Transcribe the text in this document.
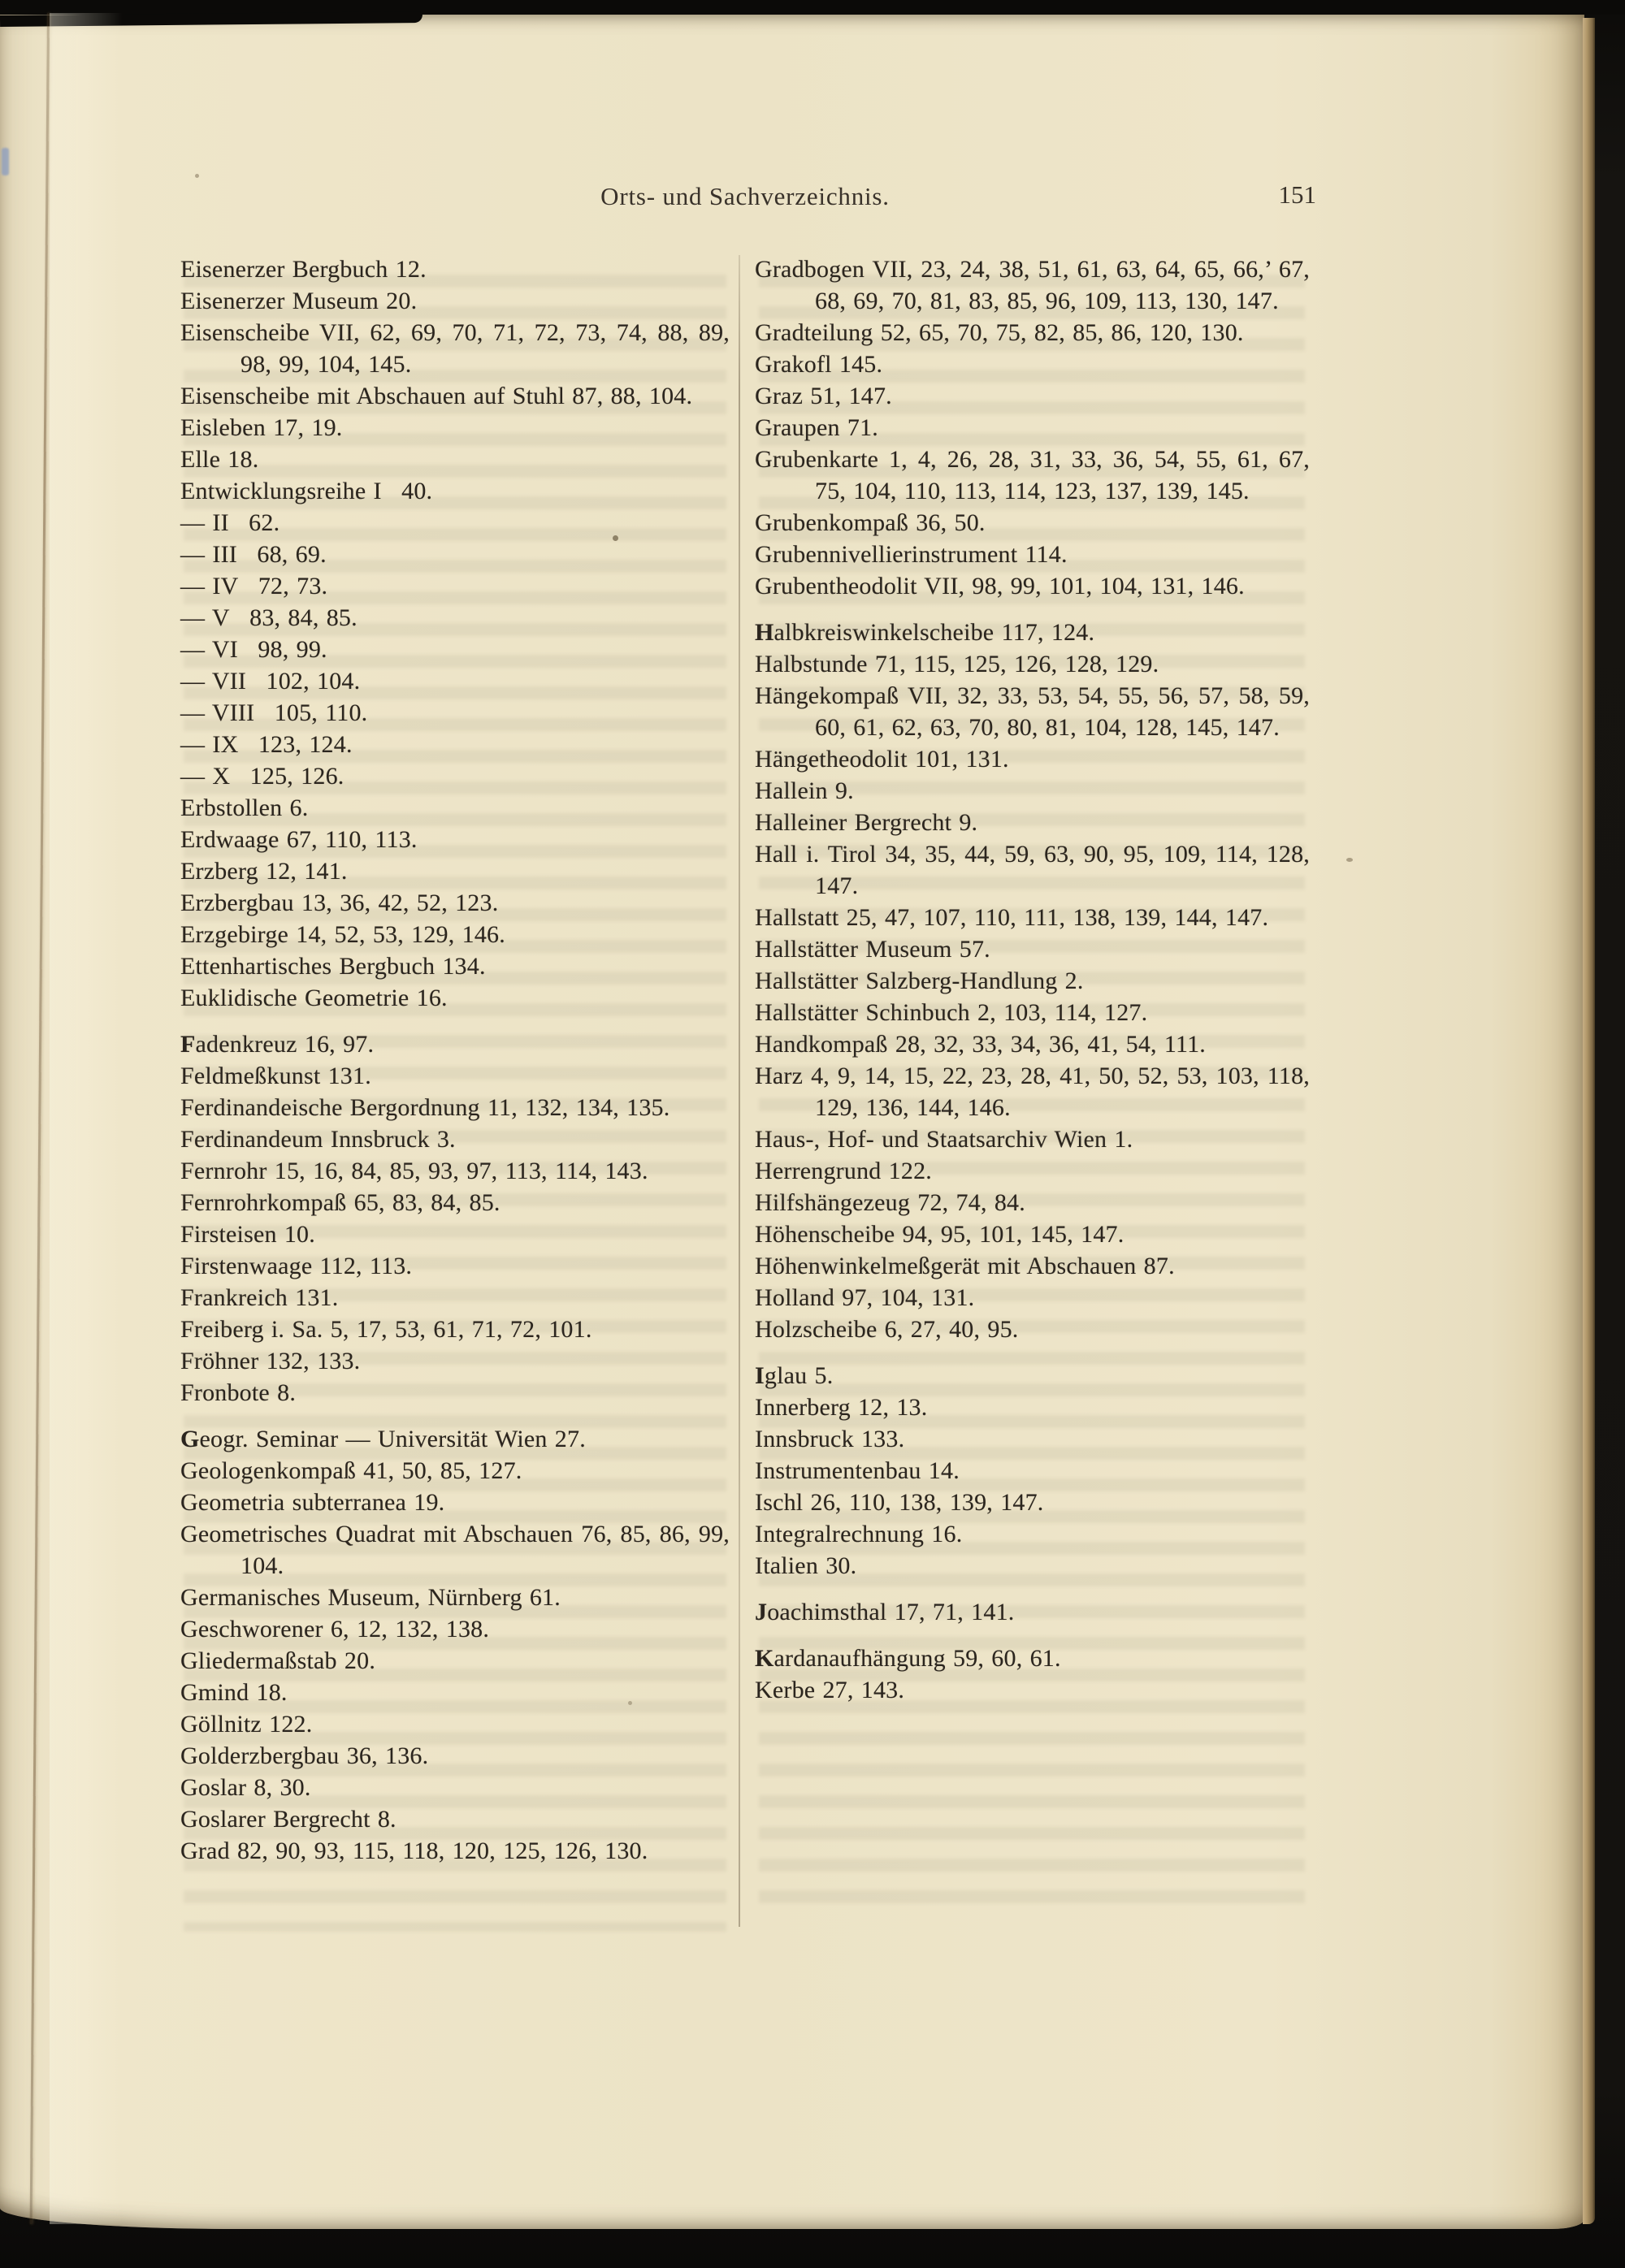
Orts- und Sachverzeichnis.	151
Eisenerzer Bergbuch 12.
Eisenerzer Museum 20.
Eisenscheibe VII, 62, 69, 70, 71, 72, 73, 74, 88, 89, 98, 99, 104, 145.
Eisenscheibe mit Abschauen auf Stuhl 87, 88, 104.
Eisleben 17, 19.
Elle 18.
Entwicklungsreihe I  40.
— II  62.
— III  68, 69.
— IV  72, 73.
— V  83, 84, 85.
— VI  98, 99.
— VII  102, 104.
— VIII  105, 110.
— IX  123, 124.
— X  125, 126.
Erbstollen 6.
Erdwaage 67, 110, 113.
Erzberg 12, 141.
Erzbergbau 13, 36, 42, 52, 123.
Erzgebirge 14, 52, 53, 129, 146.
Ettenhartisches Bergbuch 134.
Euklidische Geometrie 16.
Fadenkreuz 16, 97.
Feldmeßkunst 131.
Ferdinandeische Bergordnung 11, 132, 134, 135.
Ferdinandeum Innsbruck 3.
Fernrohr 15, 16, 84, 85, 93, 97, 113, 114, 143.
Fernrohrkompaß 65, 83, 84, 85.
Firsteisen 10.
Firstenwaage 112, 113.
Frankreich 131.
Freiberg i. Sa. 5, 17, 53, 61, 71, 72, 101.
Fröhner 132, 133.
Fronbote 8.
Geogr. Seminar — Universität Wien 27.
Geologenkompaß 41, 50, 85, 127.
Geometria subterranea 19.
Geometrisches Quadrat mit Abschauen 76, 85, 86, 99, 104.
Germanisches Museum, Nürnberg 61.
Geschworener 6, 12, 132, 138.
Gliedermaßstab 20.
Gmind 18.
Göllnitz 122.
Golderzbergbau 36, 136.
Goslar 8, 30.
Goslarer Bergrecht 8.
Grad 82, 90, 93, 115, 118, 120, 125, 126, 130.
Gradbogen VII, 23, 24, 38, 51, 61, 63, 64, 65, 66,’ 67, 68, 69, 70, 81, 83, 85, 96, 109, 113, 130, 147.
Gradteilung 52, 65, 70, 75, 82, 85, 86, 120, 130.
Grakofl 145.
Graz 51, 147.
Graupen 71.
Grubenkarte 1, 4, 26, 28, 31, 33, 36, 54, 55, 61, 67, 75, 104, 110, 113, 114, 123, 137, 139, 145.
Grubenkompaß 36, 50.
Grubennivellierinstrument 114.
Grubentheodolit VII, 98, 99, 101, 104, 131, 146.
Halbkreiswinkelscheibe 117, 124.
Halbstunde 71, 115, 125, 126, 128, 129.
Hängekompaß VII, 32, 33, 53, 54, 55, 56, 57, 58, 59, 60, 61, 62, 63, 70, 80, 81, 104, 128, 145, 147.
Hängetheodolit 101, 131.
Hallein 9.
Halleiner Bergrecht 9.
Hall i. Tirol 34, 35, 44, 59, 63, 90, 95, 109, 114, 128, 147.
Hallstatt 25, 47, 107, 110, 111, 138, 139, 144, 147.
Hallstätter Museum 57.
Hallstätter Salzberg-Handlung 2.
Hallstätter Schinbuch 2, 103, 114, 127.
Handkompaß 28, 32, 33, 34, 36, 41, 54, 111.
Harz 4, 9, 14, 15, 22, 23, 28, 41, 50, 52, 53, 103, 118, 129, 136, 144, 146.
Haus-, Hof- und Staatsarchiv Wien 1.
Herrengrund 122.
Hilfshängezeug 72, 74, 84.
Höhenscheibe 94, 95, 101, 145, 147.
Höhenwinkelmeßgerät mit Abschauen 87.
Holland 97, 104, 131.
Holzscheibe 6, 27, 40, 95.
Iglau 5.
Innerberg 12, 13.
Innsbruck 133.
Instrumentenbau 14.
Ischl 26, 110, 138, 139, 147.
Integralrechnung 16.
Italien 30.
Joachimsthal 17, 71, 141.
Kardanaufhängung 59, 60, 61.
Kerbe 27, 143.
